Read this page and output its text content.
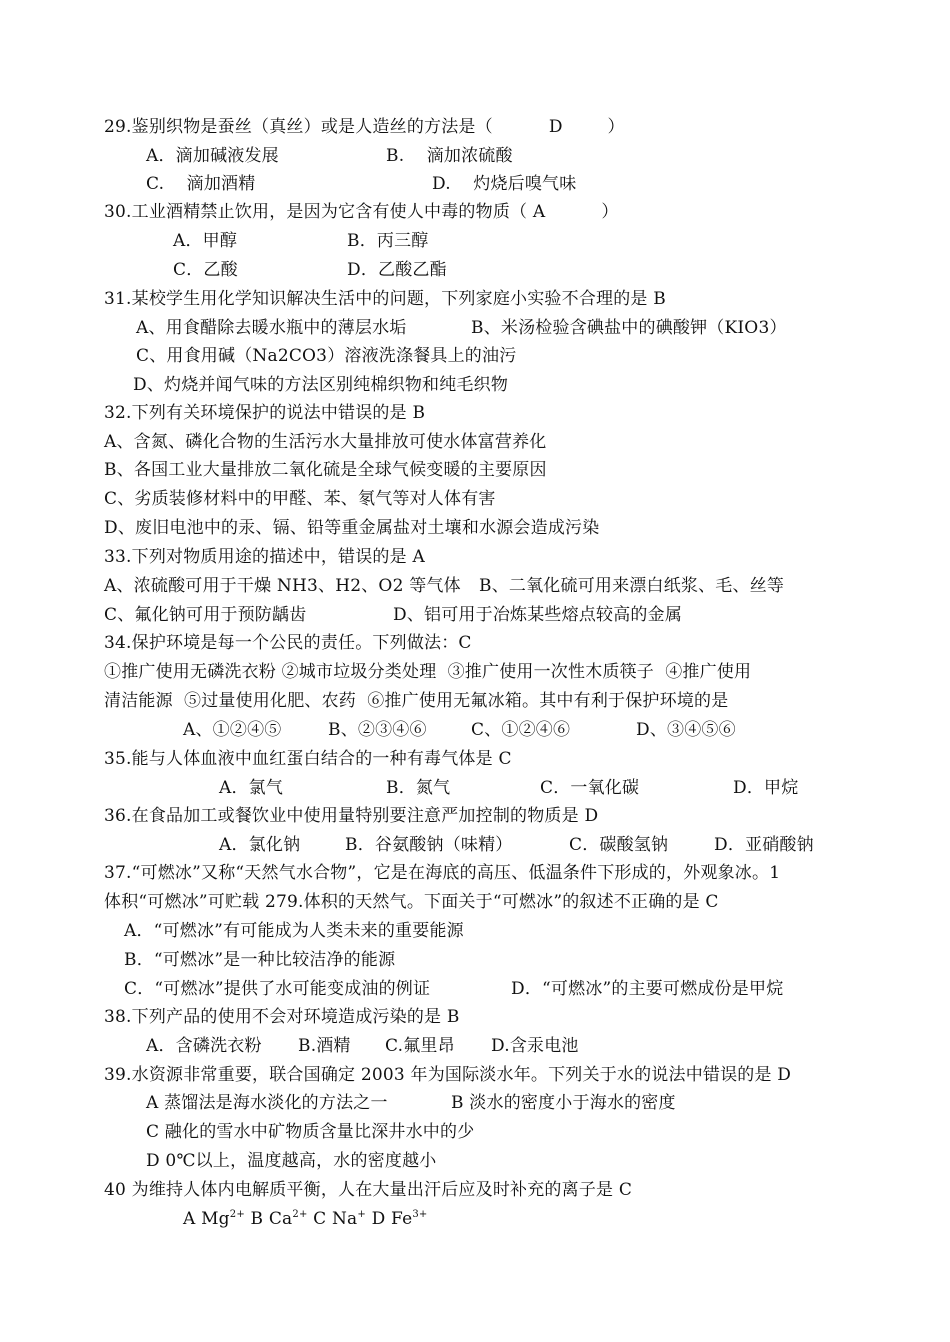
29.鉴别织物是蚕丝（真丝）或是人造丝的方法是（          D        ）
A．滴加碱液发展	B.    滴加浓硫酸
C.    滴加酒精	D.    灼烧后嗅气味
30.工业酒精禁止饮用，是因为它含有使人中毒的物质（ A          ）
A．甲醇	B．丙三醇
C．乙酸	D．乙酸乙酯
31.某校学生用化学知识解决生活中的问题，下列家庭小实验不合理的是 B
A、用食醋除去暖水瓶中的薄层水垢	B、米汤检验含碘盐中的碘酸钾（KIO3）
C、用食用碱（Na2CO3）溶液洗涤餐具上的油污
D、灼烧并闻气味的方法区别纯棉织物和纯毛织物
32.下列有关环境保护的说法中错误的是 B
A、含氮、磷化合物的生活污水大量排放可使水体富营养化
B、各国工业大量排放二氧化硫是全球气候变暖的主要原因
C、劣质装修材料中的甲醛、苯、氡气等对人体有害
D、废旧电池中的汞、镉、铅等重金属盐对土壤和水源会造成污染
33.下列对物质用途的描述中，错误的是 A
A、浓硫酸可用于干燥 NH3、H2、O2 等气体 B、二氧化硫可用来漂白纸浆、毛、丝等
C、氟化钠可用于预防龋齿	D、铝可用于冶炼某些熔点较高的金属
34.保护环境是每一个公民的责任。下列做法：C
①推广使用无磷洗衣粉 ②城市垃圾分类处理  ③推广使用一次性木质筷子  ④推广使用
清洁能源  ⑤过量使用化肥、农药  ⑥推广使用无氟冰箱。其中有利于保护环境的是
A、①②④⑤	B、②③④⑥	C、①②④⑥	D、③④⑤⑥
35.能与人体血液中血红蛋白结合的一种有毒气体是 C
A．氯气	B．氮气	C．一氧化碳	D．甲烷
36.在食品加工或餐饮业中使用量特别要注意严加控制的物质是 D
A．氯化钠	B．谷氨酸钠（味精）	C．碳酸氢钠	D．亚硝酸钠
37.“可燃冰”又称“天然气水合物”，它是在海底的高压、低温条件下形成的，外观象冰。1
体积“可燃冰”可贮载 279.体积的天然气。下面关于“可燃冰”的叙述不正确的是 C
A．“可燃冰”有可能成为人类未来的重要能源
B．“可燃冰”是一种比较洁净的能源
C．“可燃冰”提供了水可能变成油的例证	D．“可燃冰”的主要可燃成份是甲烷
38.下列产品的使用不会对环境造成污染的是 B
A．含磷洗衣粉 B.酒精 C.氟里昂 D.含汞电池
39.水资源非常重要，联合国确定 2003 年为国际淡水年。下列关于水的说法中错误的是 D
A 蒸馏法是海水淡化的方法之一	B 淡水的密度小于海水的密度
C 融化的雪水中矿物质含量比深井水中的少
D 0℃以上，温度越高，水的密度越小
40 为维持人体内电解质平衡，人在大量出汗后应及时补充的离子是 C
A $Mg^{2+}$ B $Ca^{2+}$ C Na+ D $Fe^{3+}$
